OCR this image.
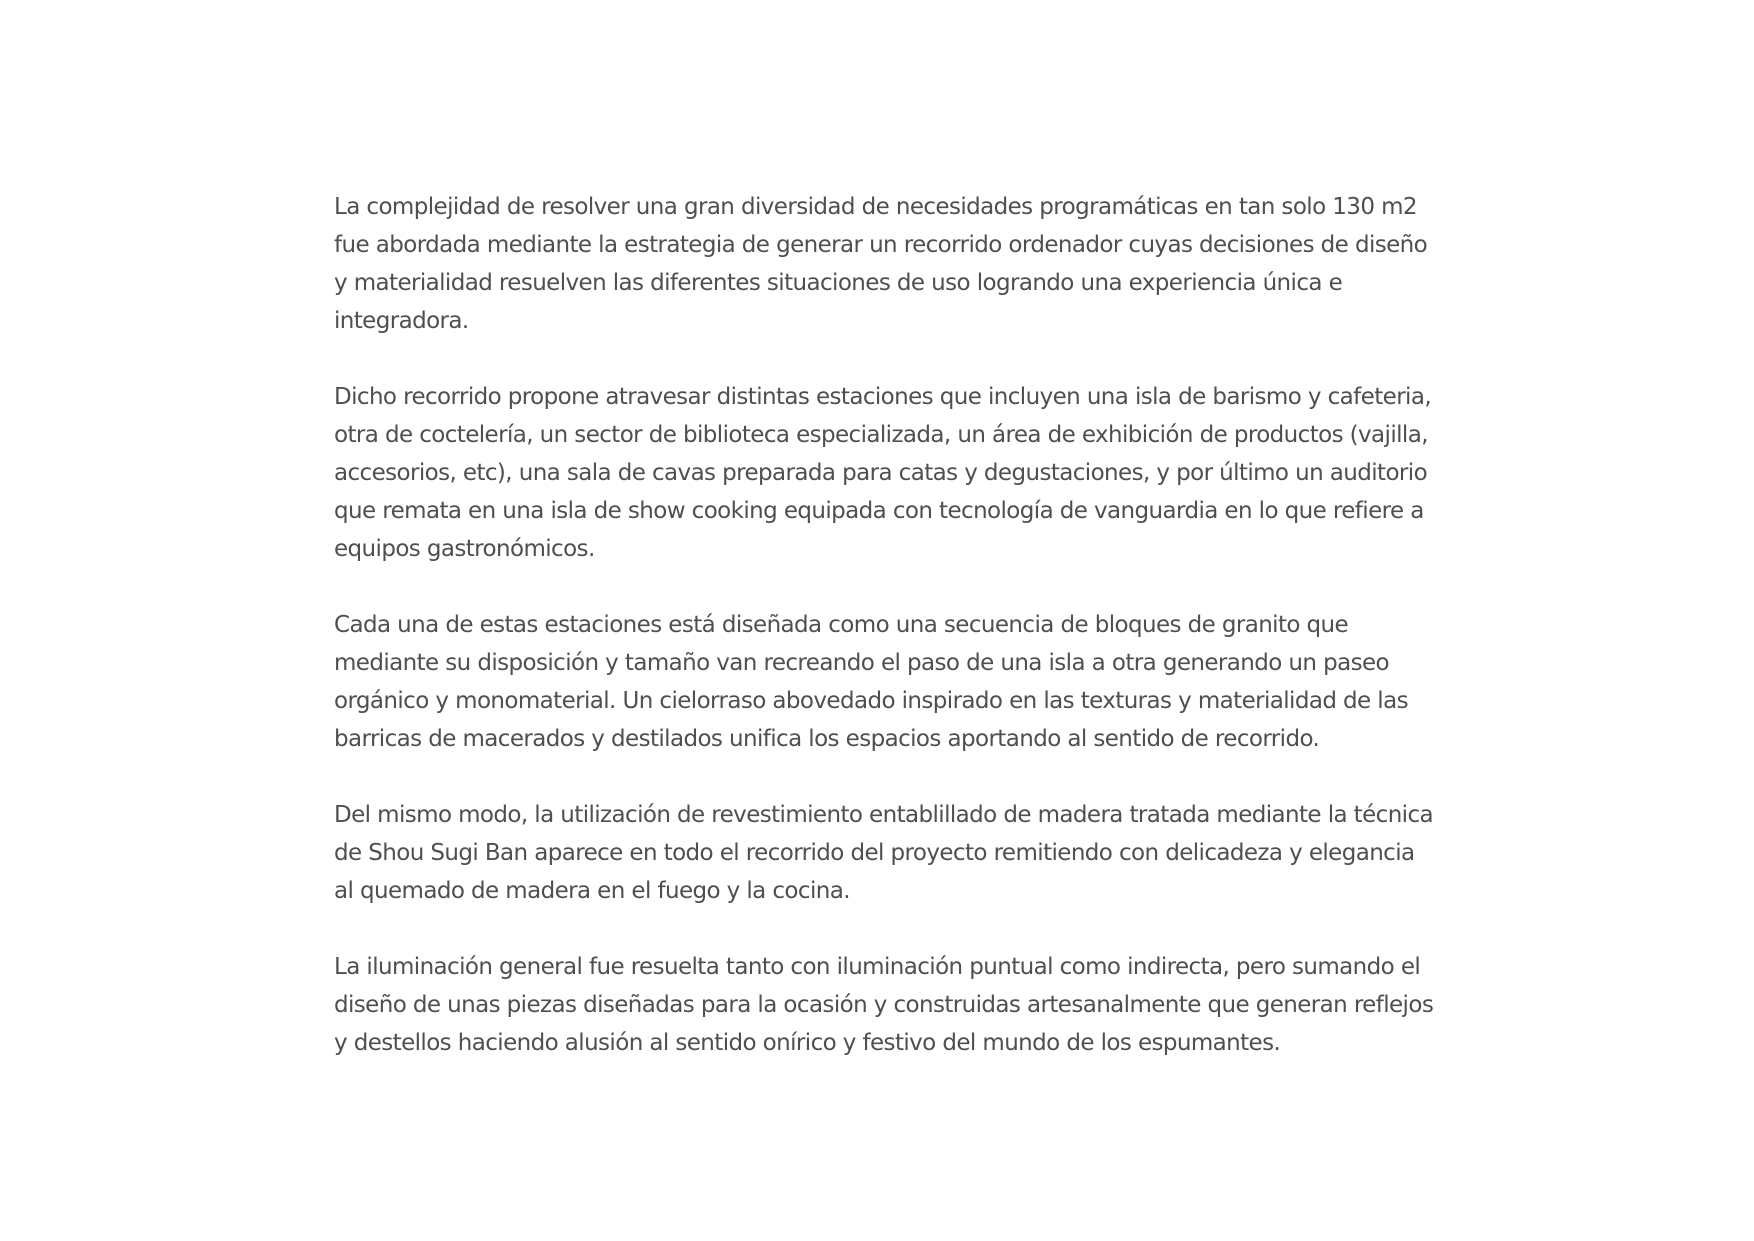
La complejidad de resolver una gran diversidad de necesidades programáticas en tan solo 130 m2 fue abordada mediante la estrategia de generar un recorrido ordenador cuyas decisiones de diseño y materialidad resuelven las diferentes situaciones de uso logrando una experiencia única e integradora.

Dicho recorrido propone atravesar distintas estaciones que incluyen una isla de barismo y cafeteria, otra de coctelería, un sector de biblioteca especializada, un área de exhibición de productos (vajilla, accesorios, etc), una sala de cavas preparada para catas y degustaciones, y por último un auditorio que remata en una isla de show cooking equipada con tecnología de vanguardia en lo que refiere a equipos gastronómicos.

Cada una de estas estaciones está diseñada como una secuencia de bloques de granito que mediante su disposición y tamaño van recreando el paso de una isla a otra generando un paseo orgánico y monomaterial. Un cielorraso abovedado inspirado en las texturas y materialidad de las barricas de macerados y destilados unifica los espacios aportando al sentido de recorrido.

Del mismo modo, la utilización de revestimiento entablillado de madera tratada mediante la técnica de Shou Sugi Ban aparece en todo el recorrido del proyecto remitiendo con delicadeza y elegancia al quemado de madera en el fuego y la cocina.

La iluminación general fue resuelta tanto con iluminación puntual como indirecta, pero sumando el diseño de unas piezas diseñadas para la ocasión y construidas artesanalmente que generan reflejos y destellos haciendo alusión al sentido onírico y festivo del mundo de los espumantes.
